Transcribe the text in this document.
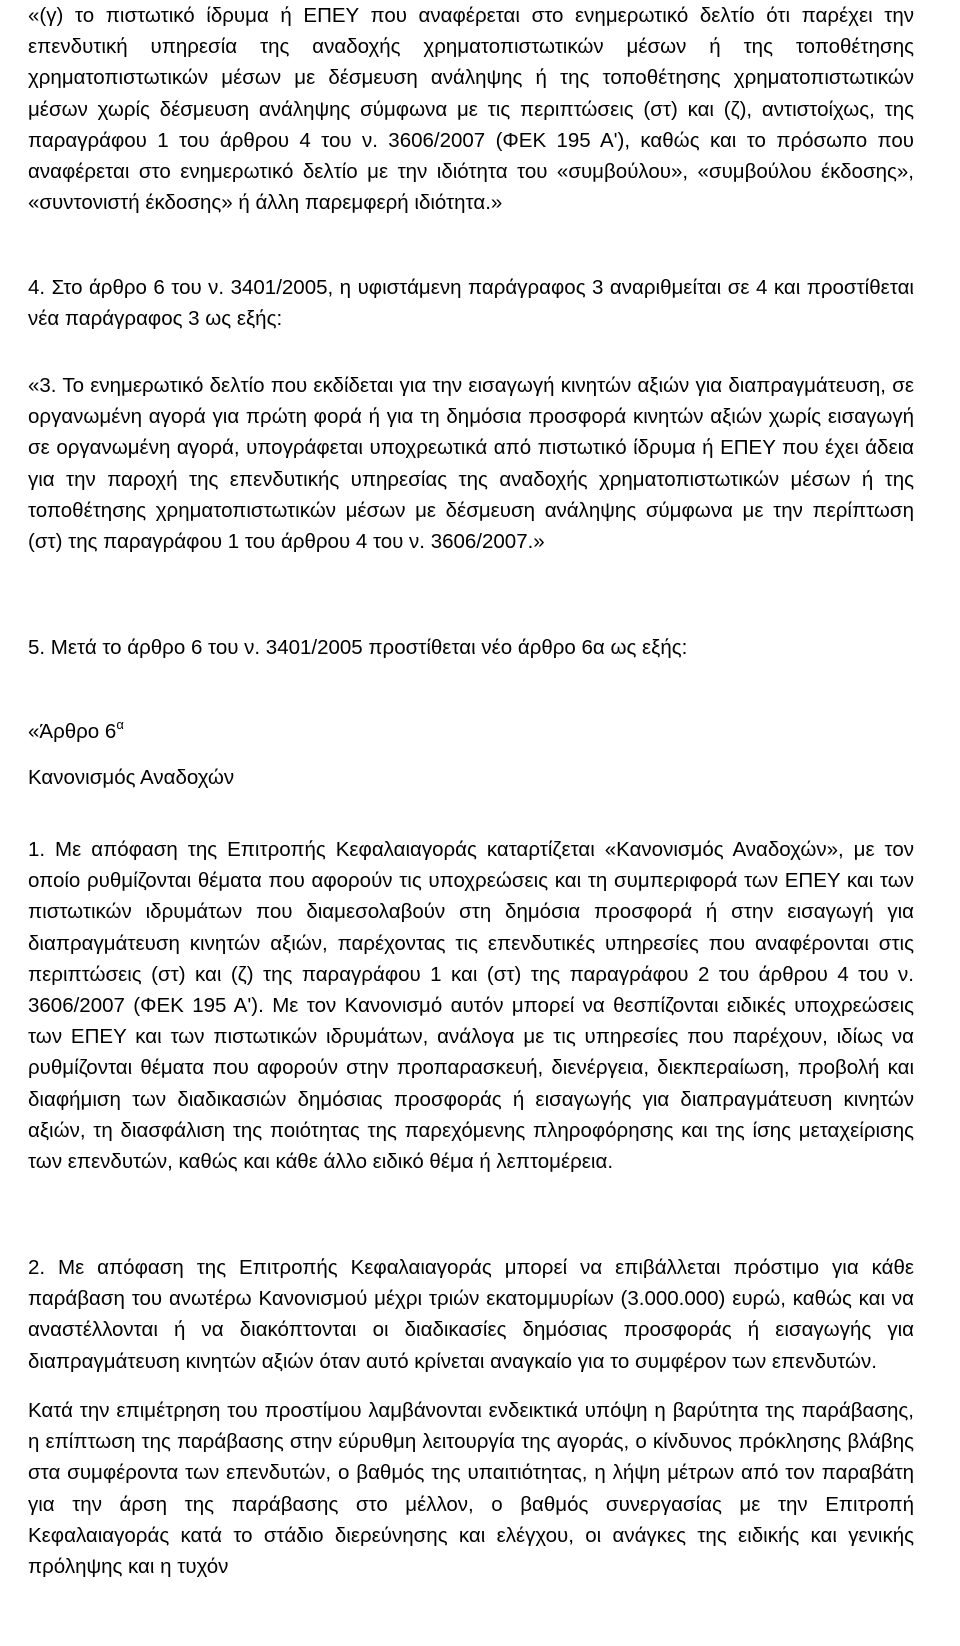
«(γ) το πιστωτικό ίδρυμα ή ΕΠΕΥ που αναφέρεται στο ενημερωτικό δελτίο ότι παρέχει την επενδυτική υπηρεσία της αναδοχής χρηματοπιστωτικών μέσων ή της τοποθέτησης χρηματοπιστωτικών μέσων με δέσμευση ανάληψης ή της τοποθέτησης χρηματοπιστωτικών μέσων χωρίς δέσμευση ανάληψης σύμφωνα με τις περιπτώσεις (στ) και (ζ), αντιστοίχως, της παραγράφου 1 του άρθρου 4 του ν. 3606/2007 (ΦΕΚ 195 Α'), καθώς και το πρόσωπο που αναφέρεται στο ενημερωτικό δελτίο με την ιδιότητα του «συμβούλου», «συμβούλου έκδοσης», «συντονιστή έκδοσης» ή άλλη παρεμφερή ιδιότητα.»

4. Στο άρθρο 6 του ν. 3401/2005, η υφιστάμενη παράγραφος 3 αναριθμείται σε 4 και προστίθεται νέα παράγραφος 3 ως εξής:

«3. Το ενημερωτικό δελτίο που εκδίδεται για την εισαγωγή κινητών αξιών για διαπραγμάτευση, σε οργανωμένη αγορά για πρώτη φορά ή για τη δημόσια προσφορά κινητών αξιών χωρίς εισαγωγή σε οργανωμένη αγορά, υπογράφεται υποχρεωτικά από πιστωτικό ίδρυμα ή ΕΠΕΥ που έχει άδεια για την παροχή της επενδυτικής υπηρεσίας της αναδοχής χρηματοπιστωτικών μέσων ή της τοποθέτησης χρηματοπιστωτικών μέσων με δέσμευση ανάληψης σύμφωνα με την περίπτωση (στ) της παραγράφου 1 του άρθρου 4 του ν. 3606/2007.»

5. Μετά το άρθρο 6 του ν. 3401/2005 προστίθεται νέο άρθρο 6α ως εξής:

«Άρθρο $6^\alpha$

Κανονισμός Αναδοχών

1. Με απόφαση της Επιτροπής Κεφαλαιαγοράς καταρτίζεται «Κανονισμός Αναδοχών», με τον οποίο ρυθμίζονται θέματα που αφορούν τις υποχρεώσεις και τη συμπεριφορά των ΕΠΕΥ και των πιστωτικών ιδρυμάτων που διαμεσολαβούν στη δημόσια προσφορά ή στην εισαγωγή για διαπραγμάτευση κινητών αξιών, παρέχοντας τις επενδυτικές υπηρεσίες που αναφέρονται στις περιπτώσεις (στ) και (ζ) της παραγράφου 1 και (στ) της παραγράφου 2 του άρθρου 4 του ν. 3606/2007 (ΦΕΚ 195 Α'). Με τον Κανονισμό αυτόν μπορεί να θεσπίζονται ειδικές υποχρεώσεις των ΕΠΕΥ και των πιστωτικών ιδρυμάτων, ανάλογα με τις υπηρεσίες που παρέχουν, ιδίως να ρυθμίζονται θέματα που αφορούν στην προπαρασκευή, διενέργεια, διεκπεραίωση, προβολή και διαφήμιση των διαδικασιών δημόσιας προσφοράς ή εισαγωγής για διαπραγμάτευση κινητών αξιών, τη διασφάλιση της ποιότητας της παρεχόμενης πληροφόρησης και της ίσης μεταχείρισης των επενδυτών, καθώς και κάθε άλλο ειδικό θέμα ή λεπτομέρεια.

2. Με απόφαση της Επιτροπής Κεφαλαιαγοράς μπορεί να επιβάλλεται πρόστιμο για κάθε παράβαση του ανωτέρω Κανονισμού μέχρι τριών εκατομμυρίων (3.000.000) ευρώ, καθώς και να αναστέλλονται ή να διακόπτονται οι διαδικασίες δημόσιας προσφοράς ή εισαγωγής για διαπραγμάτευση κινητών αξιών όταν αυτό κρίνεται αναγκαίο για το συμφέρον των επενδυτών.

Κατά την επιμέτρηση του προστίμου λαμβάνονται ενδεικτικά υπόψη η βαρύτητα της παράβασης, η επίπτωση της παράβασης στην εύρυθμη λειτουργία της αγοράς, ο κίνδυνος πρόκλησης βλάβης στα συμφέροντα των επενδυτών, ο βαθμός της υπαιτιότητας, η λήψη μέτρων από τον παραβάτη για την άρση της παράβασης στο μέλλον, ο βαθμός συνεργασίας με την Επιτροπή Κεφαλαιαγοράς κατά το στάδιο διερεύνησης και ελέγχου, οι ανάγκες της ειδικής και γενικής πρόληψης και η τυχόν
